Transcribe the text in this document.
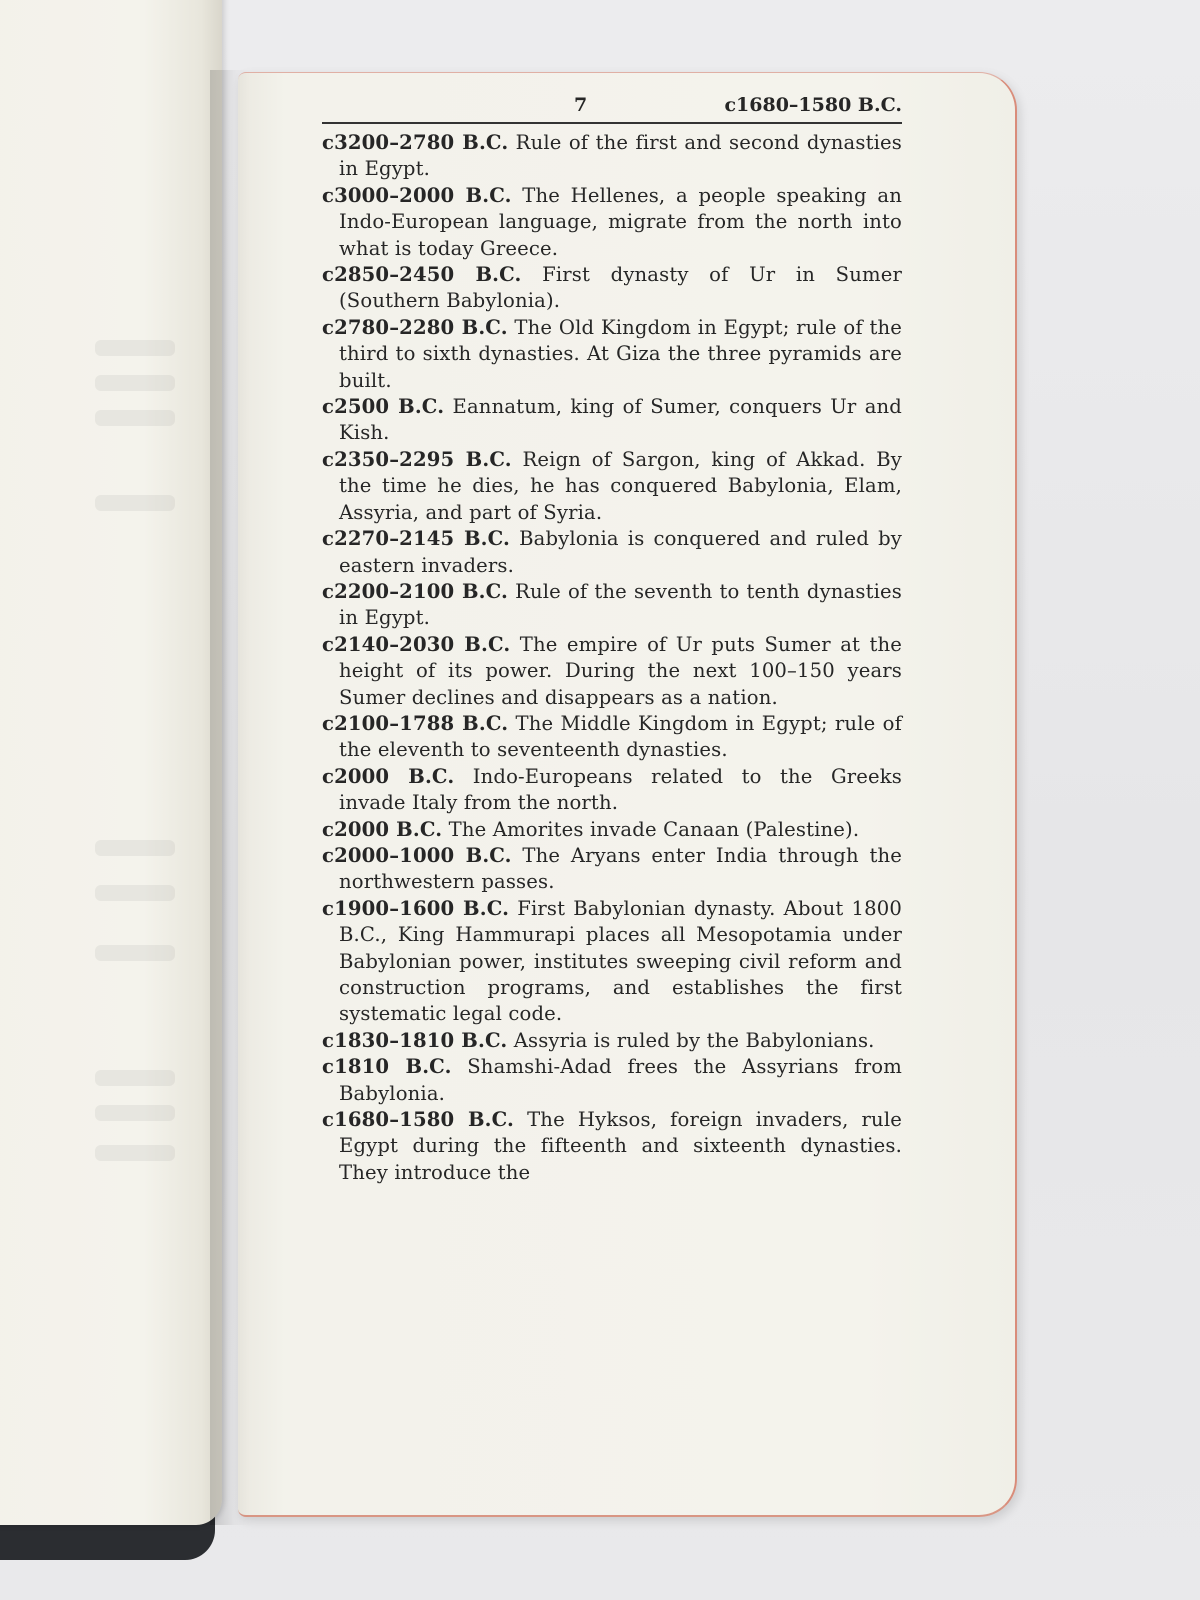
7	c1680–1580 B.C.
c3200–2780 B.C. Rule of the first and second dynasties in Egypt.
c3000–2000 B.C. The Hellenes, a people speaking an Indo-European language, migrate from the north into what is today Greece.
c2850–2450 B.C. First dynasty of Ur in Sumer (Southern Babylonia).
c2780–2280 B.C. The Old Kingdom in Egypt; rule of the third to sixth dynasties. At Giza the three pyramids are built.
c2500 B.C. Eannatum, king of Sumer, conquers Ur and Kish.
c2350–2295 B.C. Reign of Sargon, king of Akkad. By the time he dies, he has conquered Babylonia, Elam, Assyria, and part of Syria.
c2270–2145 B.C. Babylonia is conquered and ruled by eastern invaders.
c2200–2100 B.C. Rule of the seventh to tenth dynasties in Egypt.
c2140–2030 B.C. The empire of Ur puts Sumer at the height of its power. During the next 100–150 years Sumer declines and disappears as a nation.
c2100–1788 B.C. The Middle Kingdom in Egypt; rule of the eleventh to seventeenth dynasties.
c2000 B.C. Indo-Europeans related to the Greeks invade Italy from the north.
c2000 B.C. The Amorites invade Canaan (Palestine).
c2000–1000 B.C. The Aryans enter India through the northwestern passes.
c1900–1600 B.C. First Babylonian dynasty. About 1800 B.C., King Hammurapi places all Mesopotamia under Babylonian power, institutes sweeping civil reform and construction programs, and establishes the first systematic legal code.
c1830–1810 B.C. Assyria is ruled by the Babylonians.
c1810 B.C. Shamshi-Adad frees the Assyrians from Babylonia.
c1680–1580 B.C. The Hyksos, foreign invaders, rule Egypt during the fifteenth and sixteenth dynasties. They introduce the
